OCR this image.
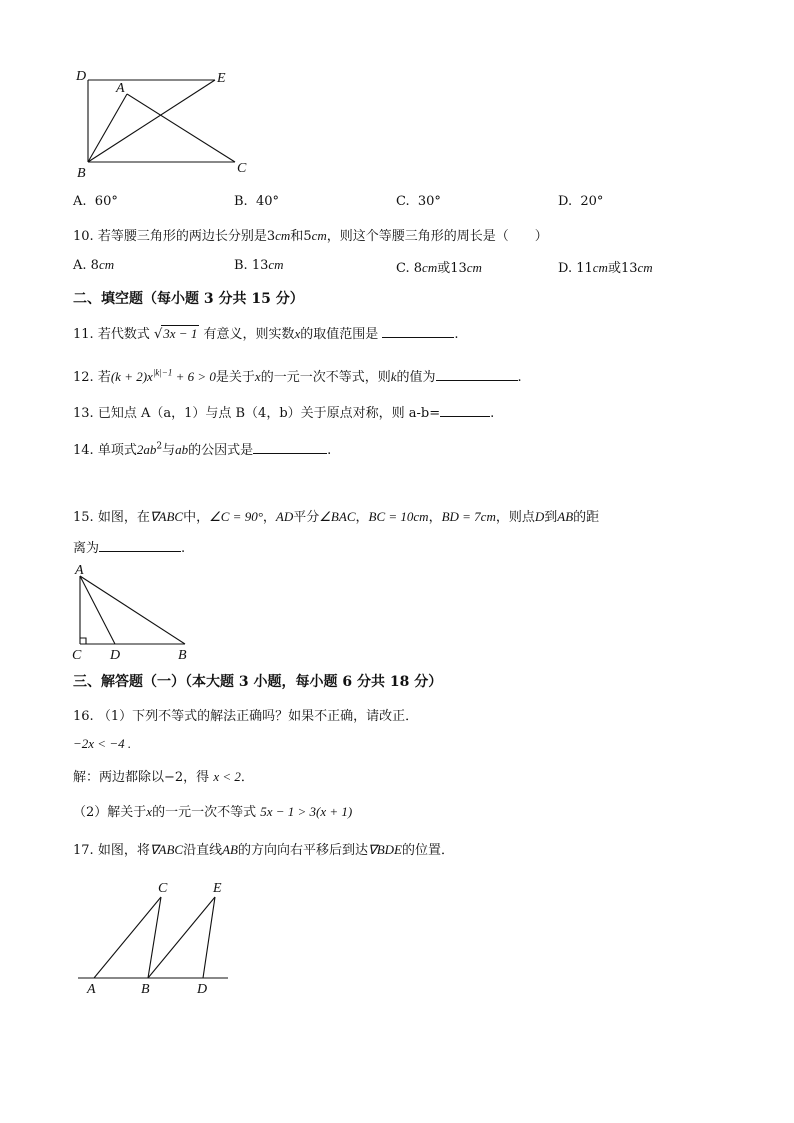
D
A
E
B	C
A. 60°	B. 40°	C. 30°	D. 20°
10. 若等腰三角形的两边长分别是3cm和5cm，则这个等腰三角形的周长是（　　）
A. 8cm	B. 13cm	C. 8cm或13cm	D. 11cm或13cm
二、填空题（每小题 3 分共 15 分）
11. 若代数式 √3x − 1 有意义，则实数x的取值范围是	.
12. 若$(k + 2)x^{|k|-1} + 6 > 0$是关于x的一元一次不等式，则k的值为	.
13. 已知点 A（a，1）与点 B（4，b）关于原点对称，则 a-b=	.
14. 单项式$2ab^2$与ab的公因式是	.
15. 如图，在∇ABC中，∠C = 90°，AD平分∠BAC，BC = 10cm，BD = 7cm，则点D到AB的距
离为	.
A
C D	B
三、解答题（一）（本大题 3 小题，每小题 6 分共 18 分）
16. （1）下列不等式的解法正确吗？如果不正确，请改正．
−2x < −4 .
解：两边都除以−2，得 x < 2．
（2）解关于x的一元一次不等式 5x − 1 > 3(x + 1)
17. 如图，将∇ABC沿直线AB的方向向右平移后到达∇BDE的位置．
C	E
A	B	D
